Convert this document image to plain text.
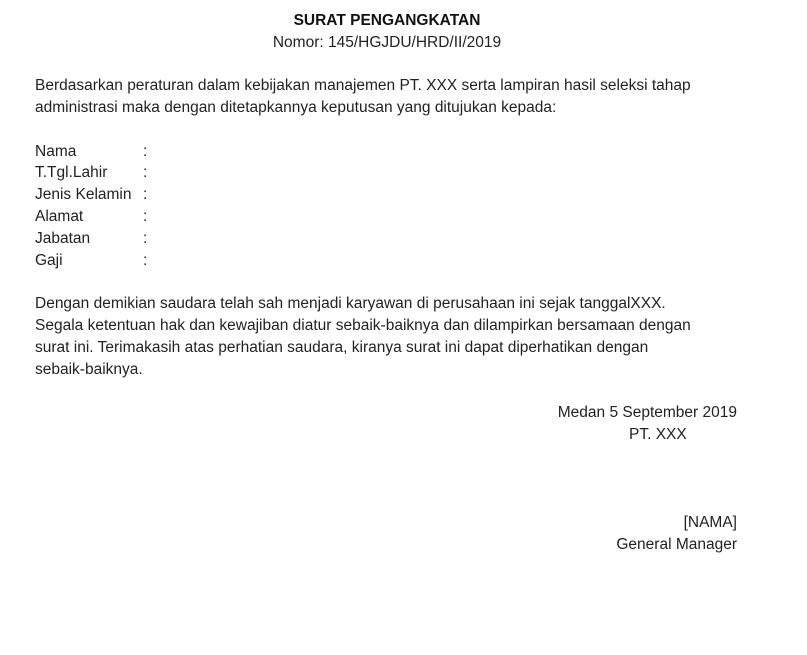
SURAT PENGANGKATAN
Nomor: 145/HGJDU/HRD/II/2019
Berdasarkan peraturan dalam kebijakan manajemen PT. XXX serta lampiran hasil seleksi tahap
administrasi maka dengan ditetapkannya keputusan yang ditujukan kepada:
Nama	:
T.Tgl.Lahir :
Jenis Kelamin :
Alamat	:
Jabatan	:
Gaji	:
Dengan demikian saudara telah sah menjadi karyawan di perusahaan ini sejak tanggalXXX.
Segala ketentuan hak dan kewajiban diatur sebaik-baiknya dan dilampirkan bersamaan dengan
surat ini. Terimakasih atas perhatian saudara, kiranya surat ini dapat diperhatikan dengan
sebaik-baiknya.
Medan 5 September 2019
PT. XXX
[NAMA]
General Manager
